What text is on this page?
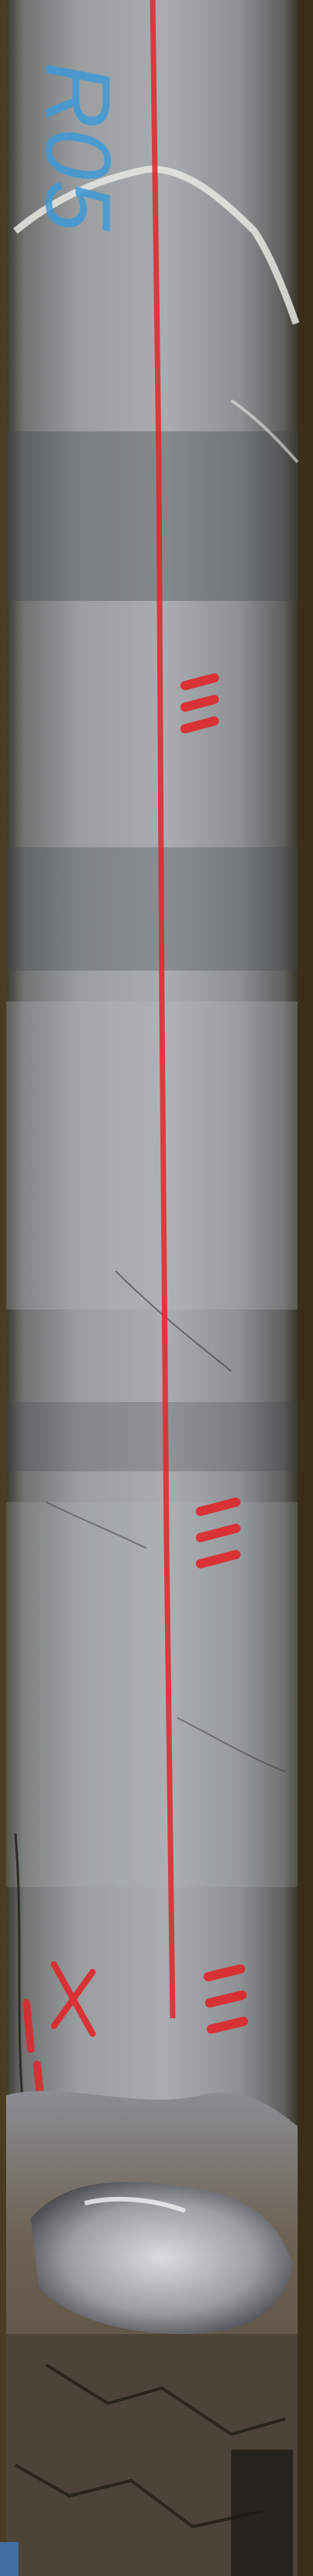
R05
